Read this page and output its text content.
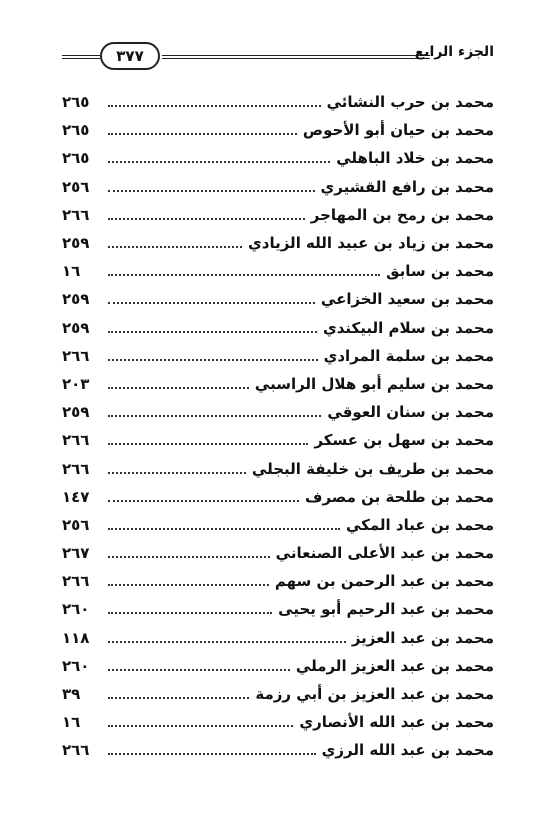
٣٧٧	الجزء الرابع
محمد بن حرب النشائي
٢٦٥
محمد بن حيان أبو الأحوص
٢٦٥
محمد بن خلاد الباهلي
٢٦٥
محمد بن رافع القشيري
٢٥٦
محمد بن رمح بن المهاجر
٢٦٦
محمد بن زياد بن عبيد الله الزيادي
٢٥٩
محمد بن سابق
١٦
محمد بن سعيد الخزاعي
٢٥٩
محمد بن سلام البيكندي
٢٥٩
محمد بن سلمة المرادي
٢٦٦
محمد بن سليم أبو هلال الراسبي
٢٠٣
محمد بن سنان العوقي
٢٥٩
محمد بن سهل بن عسكر
٢٦٦
محمد بن طريف بن خليفة البجلي
٢٦٦
محمد بن طلحة بن مصرف
١٤٧
محمد بن عباد المكي
٢٥٦
محمد بن عبد الأعلى الصنعاني
٢٦٧
محمد بن عبد الرحمن بن سهم
٢٦٦
محمد بن عبد الرحيم أبو يحيى
٢٦٠
محمد بن عبد العزيز
١١٨
محمد بن عبد العزيز الرملي
٢٦٠
محمد بن عبد العزيز بن أبي رزمة
٣٩
محمد بن عبد الله الأنصاري
١٦
محمد بن عبد الله الرزي
٢٦٦
